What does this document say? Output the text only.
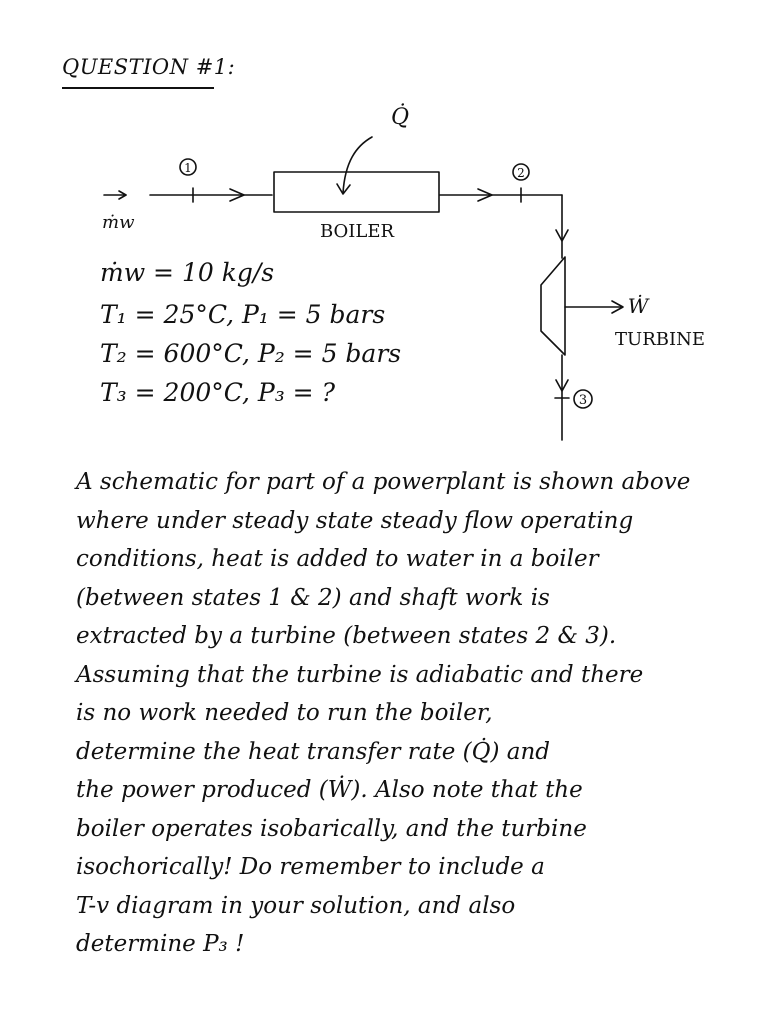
QUESTION #1:
1	2
3
Q̇
ṁw	BOILER
Ẇ
TURBINE
ṁw = 10 kg/s
T₁ = 25°C, P₁ = 5 bars
T₂ = 600°C, P₂ = 5 bars
T₃ = 200°C, P₃ = ?
A schematic for part of a powerplant is shown above
where under steady state steady flow operating
conditions, heat is added to water in a boiler
(between states 1 & 2) and shaft work is
extracted by a turbine (between states 2 & 3).
Assuming that the turbine is adiabatic and there
is no work needed to run the boiler,
determine the heat transfer rate (Q̇) and
the power produced (Ẇ). Also note that the
boiler operates isobarically, and the turbine
isochorically! Do remember to include a
T-v diagram in your solution, and also
determine P₃ !
